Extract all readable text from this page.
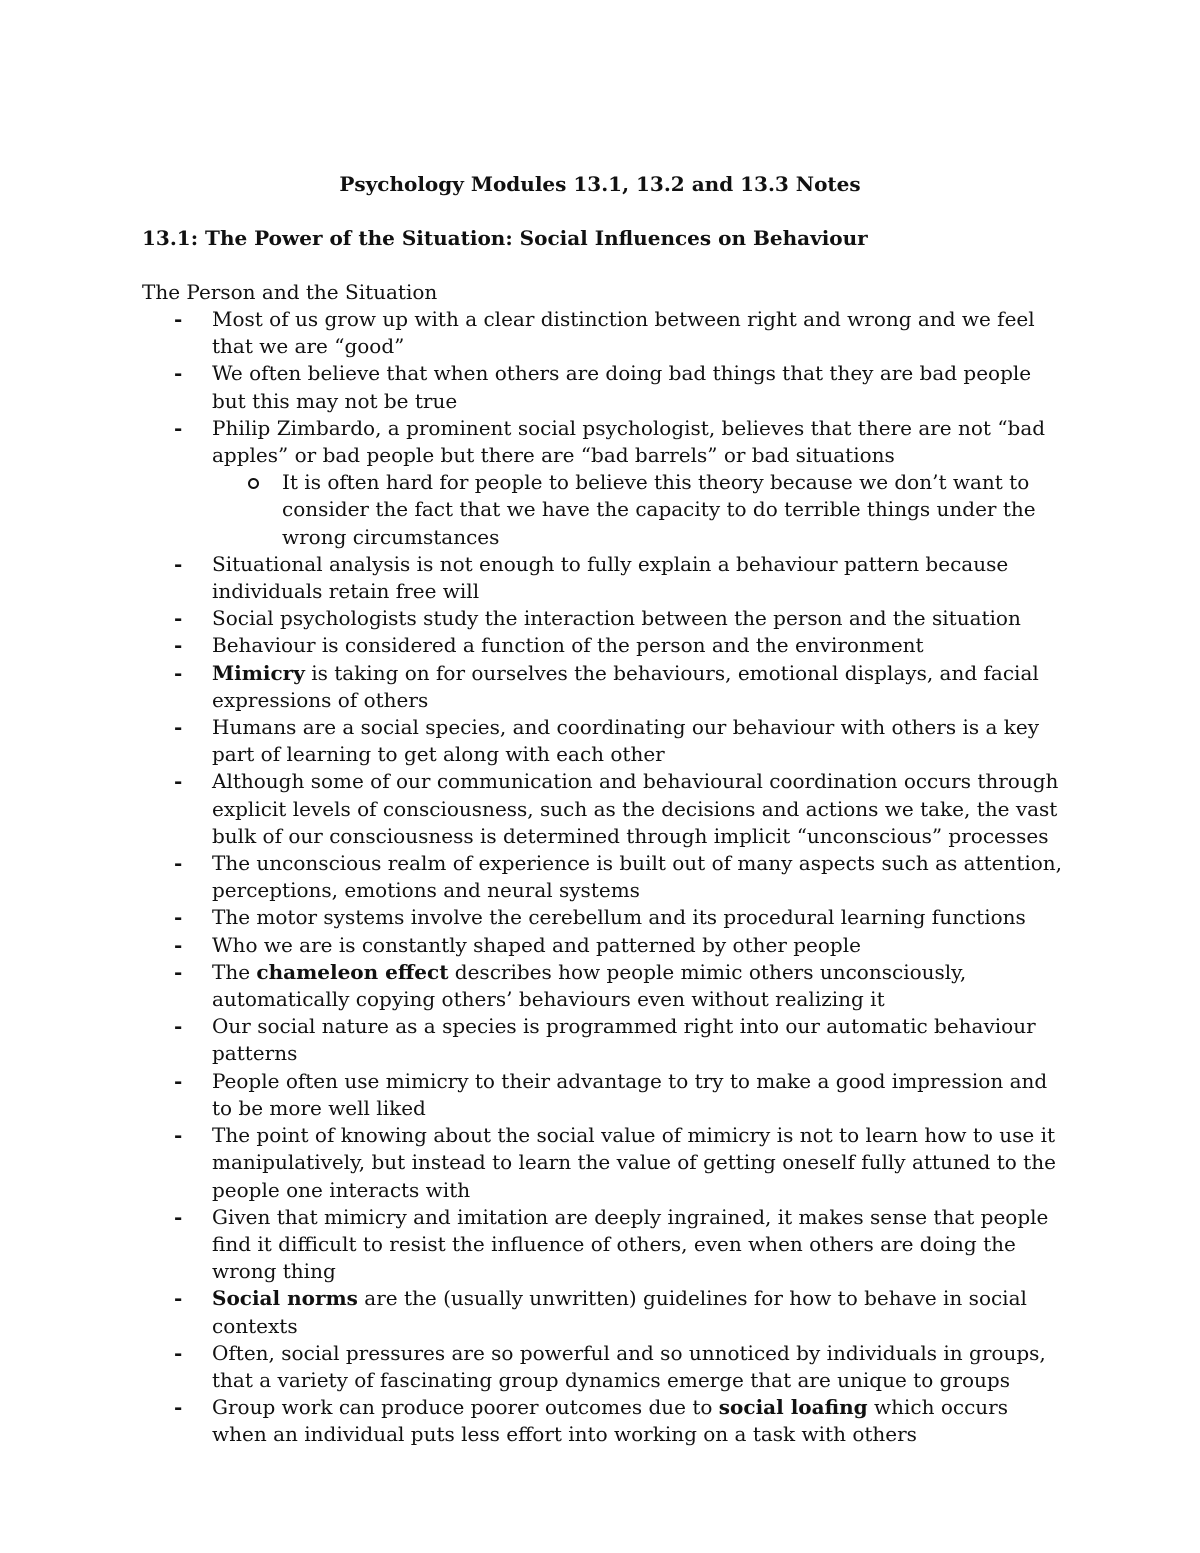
Psychology Modules 13.1, 13.2 and 13.3 Notes
13.1: The Power of the Situation: Social Influences on Behaviour
The Person and the Situation
- Most of us grow up with a clear distinction between right and wrong and we feel that we are “good”
- We often believe that when others are doing bad things that they are bad people but this may not be true
- Philip Zimbardo, a prominent social psychologist, believes that there are not “bad apples” or bad people but there are “bad barrels” or bad situations
It is often hard for people to believe this theory because we don’t want to consider the fact that we have the capacity to do terrible things under the wrong circumstances
- Situational analysis is not enough to fully explain a behaviour pattern because individuals retain free will
- Social psychologists study the interaction between the person and the situation
- Behaviour is considered a function of the person and the environment
- Mimicry is taking on for ourselves the behaviours, emotional displays, and facial expressions of others
- Humans are a social species, and coordinating our behaviour with others is a key part of learning to get along with each other
- Although some of our communication and behavioural coordination occurs through explicit levels of consciousness, such as the decisions and actions we take, the vast bulk of our consciousness is determined through implicit “unconscious” processes
- The unconscious realm of experience is built out of many aspects such as attention, perceptions, emotions and neural systems
- The motor systems involve the cerebellum and its procedural learning functions
- Who we are is constantly shaped and patterned by other people
- The chameleon effect describes how people mimic others unconsciously, automatically copying others’ behaviours even without realizing it
- Our social nature as a species is programmed right into our automatic behaviour patterns
- People often use mimicry to their advantage to try to make a good impression and to be more well liked
- The point of knowing about the social value of mimicry is not to learn how to use it manipulatively, but instead to learn the value of getting oneself fully attuned to the people one interacts with
- Given that mimicry and imitation are deeply ingrained, it makes sense that people find it difficult to resist the influence of others, even when others are doing the wrong thing
- Social norms are the (usually unwritten) guidelines for how to behave in social contexts
- Often, social pressures are so powerful and so unnoticed by individuals in groups, that a variety of fascinating group dynamics emerge that are unique to groups
- Group work can produce poorer outcomes due to social loafing which occurs when an individual puts less effort into working on a task with others
